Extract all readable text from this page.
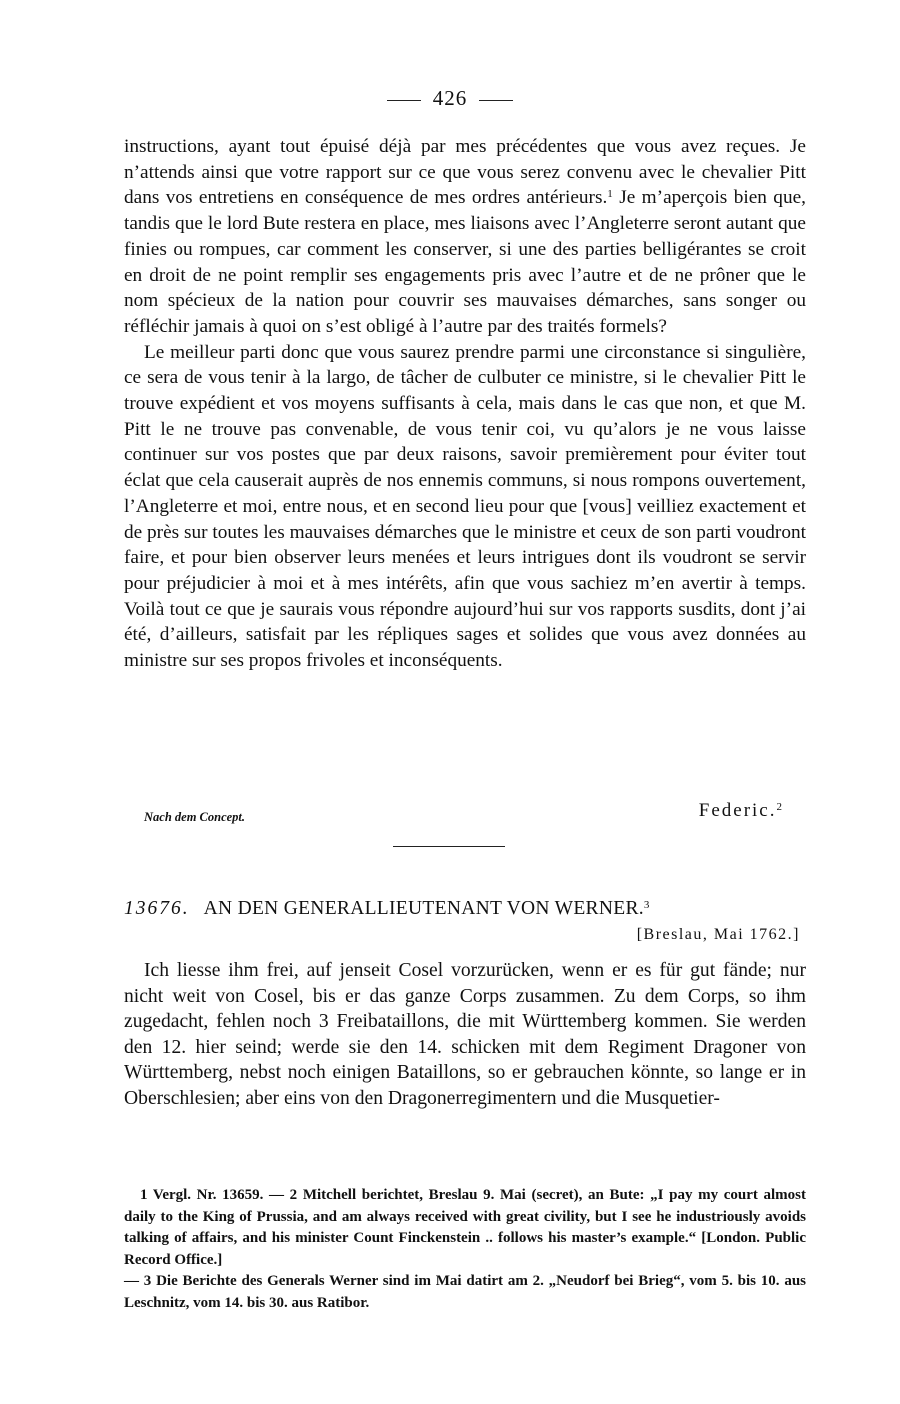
426

instructions, ayant tout épuisé déjà par mes précédentes que vous avez reçues. Je n’attends ainsi que votre rapport sur ce que vous serez convenu avec le chevalier Pitt dans vos entretiens en conséquence de mes ordres antérieurs.$^1$ Je m’aperçois bien que, tandis que le lord Bute restera en place, mes liaisons avec l’Angleterre seront autant que finies ou rompues, car comment les conserver, si une des parties belligérantes se croit en droit de ne point remplir ses engagements pris avec l’autre et de ne prôner que le nom spécieux de la nation pour couvrir ses mauvaises démarches, sans songer ou réfléchir jamais à quoi on s’est obligé à l’autre par des traités formels?

Le meilleur parti donc que vous saurez prendre parmi une circonstance si singulière, ce sera de vous tenir à la largo, de tâcher de culbuter ce ministre, si le chevalier Pitt le trouve expédient et vos moyens suffisants à cela, mais dans le cas que non, et que M. Pitt le ne trouve pas convenable, de vous tenir coi, vu qu’alors je ne vous laisse continuer sur vos postes que par deux raisons, savoir premièrement pour éviter tout éclat que cela causerait auprès de nos ennemis communs, si nous rompons ouvertement, l’Angleterre et moi, entre nous, et en second lieu pour que [vous] veilliez exactement et de près sur toutes les mauvaises démarches que le ministre et ceux de son parti voudront faire, et pour bien observer leurs menées et leurs intrigues dont ils voudront se servir pour préjudicier à moi et à mes intérêts, afin que vous sachiez m’en avertir à temps. Voilà tout ce que je saurais vous répondre aujourd’hui sur vos rapports susdits, dont j’ai été, d’ailleurs, satisfait par les répliques sages et solides que vous avez données au ministre sur ses propos frivoles et inconséquents.

Nach dem Concept.	Federic.$^2$
13676. AN DEN GENERALLIEUTENANT VON WERNER.$^3$
[Breslau, Mai 1762.]

Ich liesse ihm frei, auf jenseit Cosel vorzurücken, wenn er es für gut fände; nur nicht weit von Cosel, bis er das ganze Corps zusammen. Zu dem Corps, so ihm zugedacht, fehlen noch 3 Freibataillons, die mit Württemberg kommen. Sie werden den 12. hier seind; werde sie den 14. schicken mit dem Regiment Dragoner von Württemberg, nebst noch einigen Bataillons, so er gebrauchen könnte, so lange er in Oberschlesien; aber eins von den Dragonerregimentern und die Musquetier-

1 Vergl. Nr. 13659. — 2 Mitchell berichtet, Breslau 9. Mai (secret), an Bute: „I pay my court almost daily to the King of Prussia, and am always received with great civility, but I see he industriously avoids talking of affairs, and his minister Count Finckenstein .. follows his master’s example.“ [London. Public Record Office.]

— 3 Die Berichte des Generals Werner sind im Mai datirt am 2. „Neudorf bei Brieg“, vom 5. bis 10. aus Leschnitz, vom 14. bis 30. aus Ratibor.
